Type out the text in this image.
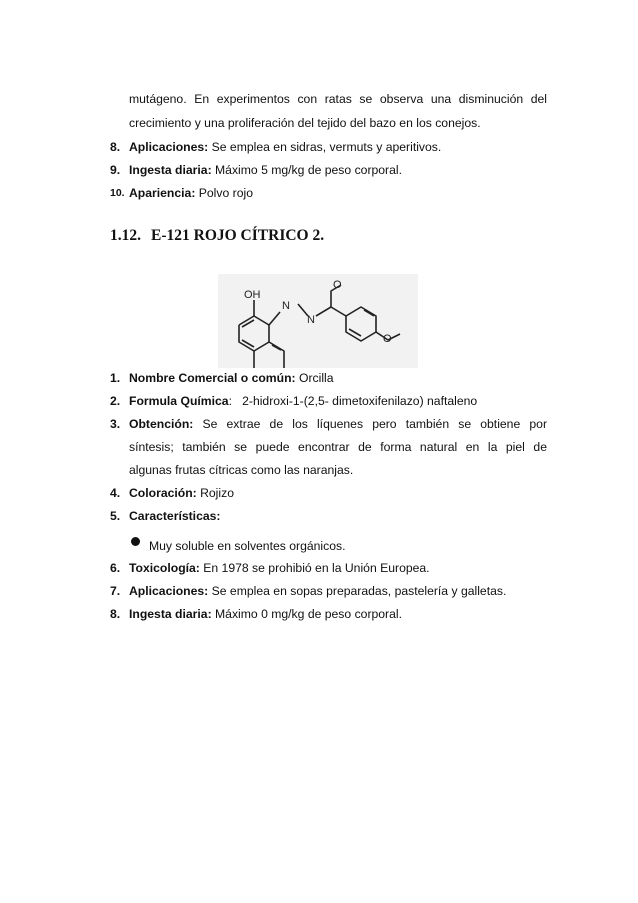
mutágeno. En experimentos con ratas se observa una disminución del
crecimiento y una proliferación del tejido del bazo en los conejos.
8. Aplicaciones: Se emplea en sidras, vermuts y aperitivos.
9. Ingesta diaria: Máximo 5 mg/kg de peso corporal.
10. Apariencia: Polvo rojo
1.12. E-121 ROJO CÍTRICO 2.
OH
N
N
O
O
1. Nombre Comercial o común: Orcilla
2. Formula Química:   2-hidroxi-1-(2,5- dimetoxifenilazo) naftaleno
3. Obtención: Se extrae de los líquenes pero también se obtiene por
síntesis; también se puede encontrar de forma natural en la piel de
algunas frutas cítricas como las naranjas.
4. Coloración: Rojizo
5. Características:
Muy soluble en solventes orgánicos.
6. Toxicología: En 1978 se prohibió en la Unión Europea.
7. Aplicaciones: Se emplea en sopas preparadas, pastelería y galletas.
8. Ingesta diaria: Máximo 0 mg/kg de peso corporal.
